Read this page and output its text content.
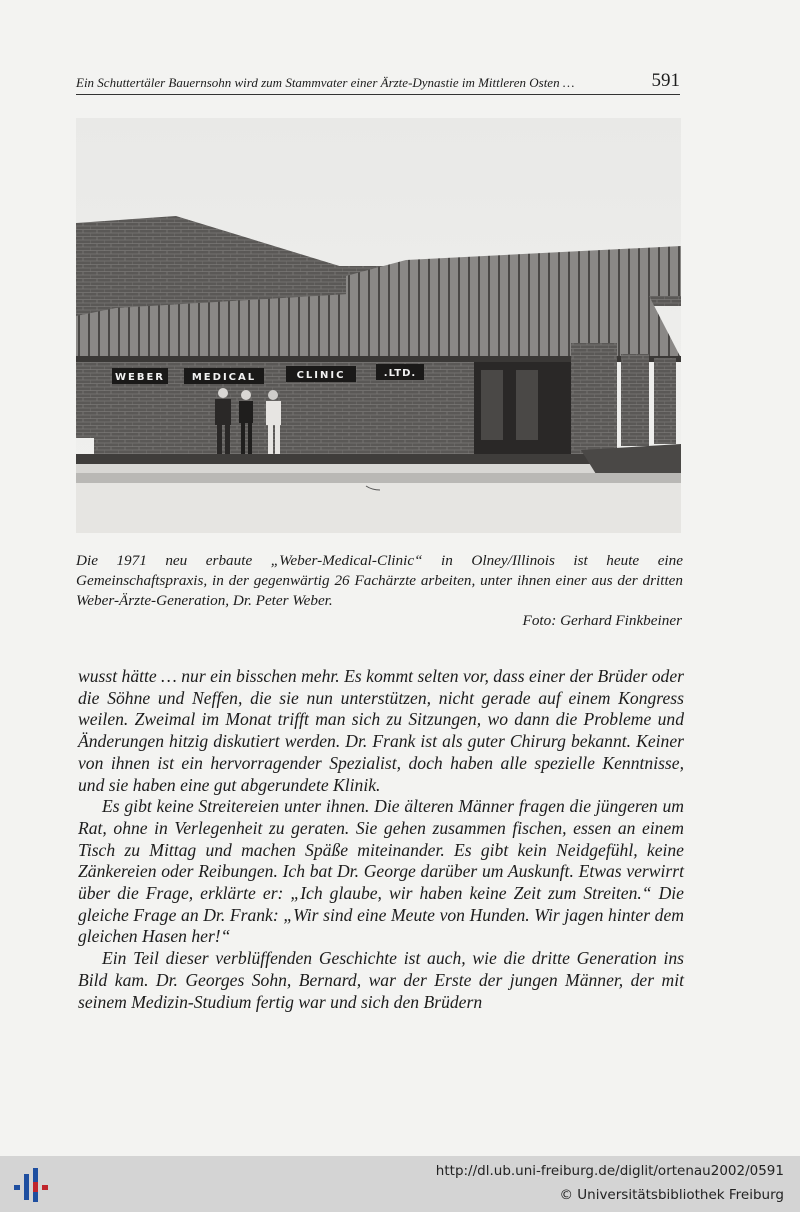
Ein Schuttertäler Bauernsohn wird zum Stammvater einer Ärzte-Dynastie im Mittleren Osten …	591
WEBER	MEDICAL	CLINIC	.LTD.
Die 1971 neu erbaute „Weber-Medical-Clinic“ in Olney/Illinois ist heute eine Gemeinschaftspraxis, in der gegenwärtig 26 Fachärzte arbeiten, unter ihnen einer aus der dritten Weber-Ärzte-Generation, Dr. Peter Weber.
Foto: Gerhard Finkbeiner

wusst hätte … nur ein bisschen mehr. Es kommt selten vor, dass einer der Brüder oder die Söhne und Neffen, die sie nun unterstützen, nicht gerade auf einem Kongress weilen. Zweimal im Monat trifft man sich zu Sitzungen, wo dann die Probleme und Änderungen hitzig diskutiert werden. Dr. Frank ist als guter Chirurg bekannt. Keiner von ihnen ist ein hervorragender Spezialist, doch haben alle spezielle Kenntnisse, und sie haben eine gut abgerundete Klinik.

Es gibt keine Streitereien unter ihnen. Die älteren Männer fragen die jüngeren um Rat, ohne in Verlegenheit zu geraten. Sie gehen zusammen fischen, essen an einem Tisch zu Mittag und machen Späße miteinander. Es gibt kein Neidgefühl, keine Zänkereien oder Reibungen. Ich bat Dr. George darüber um Auskunft. Etwas verwirrt über die Frage, erklärte er: „Ich glaube, wir haben keine Zeit zum Streiten.“ Die gleiche Frage an Dr. Frank: „Wir sind eine Meute von Hunden. Wir jagen hinter dem gleichen Hasen her!“

Ein Teil dieser verblüffenden Geschichte ist auch, wie die dritte Generation ins Bild kam. Dr. Georges Sohn, Bernard, war der Erste der jungen Männer, der mit seinem Medizin-Studium fertig war und sich den Brüdern

http://dl.ub.uni-freiburg.de/diglit/ortenau2002/0591
© Universitätsbibliothek Freiburg
